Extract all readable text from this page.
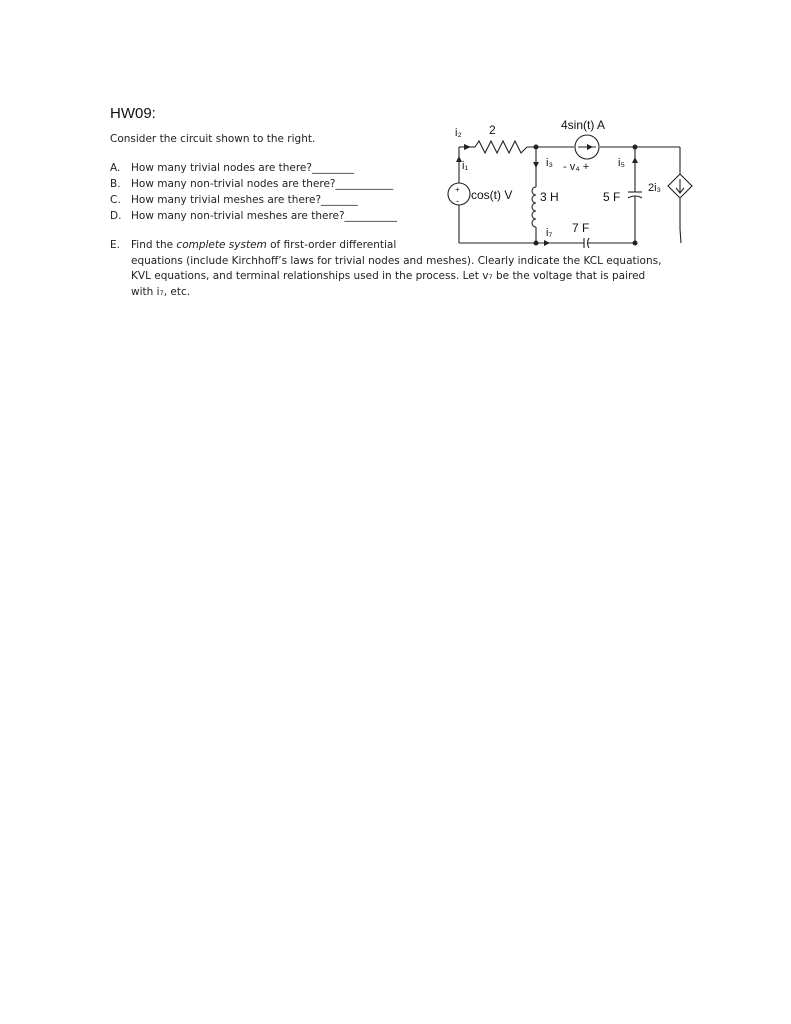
HW09:
Consider the circuit shown to the right.
A. How many trivial nodes are there?________
B. How many non-trivial nodes are there?___________
C. How many trivial meshes are there?_______
D. How many non-trivial meshes are there?__________
E. Find the complete system of first-order differential
equations (include Kirchhoff’s laws for trivial nodes and meshes). Clearly indicate the KCL equations,
KVL equations, and terminal relationships used in the process. Let v₇ be the voltage that is paired
with i₇, etc.
+
-
i₂ 2	4sin(t) A
i₁	i₃ - v₄ +	i₅
2i₃
cos(t) V 3 H	5 F
i₇ 7 F
